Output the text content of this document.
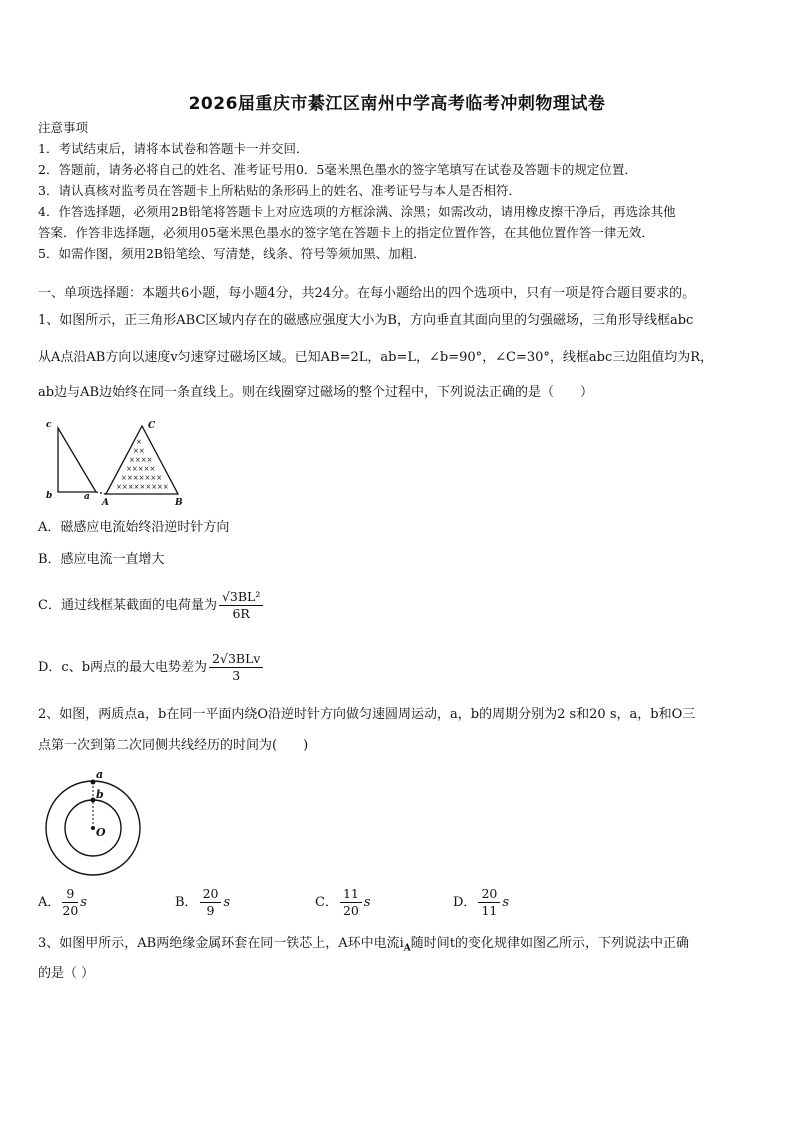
2026届重庆市綦江区南州中学高考临考冲刺物理试卷
注意事项
1．考试结束后，请将本试卷和答题卡一并交回．
2．答题前，请务必将自己的姓名、准考证号用0．5毫米黑色墨水的签字笔填写在试卷及答题卡的规定位置．
3．请认真核对监考员在答题卡上所粘贴的条形码上的姓名、准考证号与本人是否相符．
4．作答选择题，必须用2B铅笔将答题卡上对应选项的方框涂满、涂黑；如需改动，请用橡皮擦干净后，再选涂其他
答案．作答非选择题，必须用05毫米黑色墨水的签字笔在答题卡上的指定位置作答，在其他位置作答一律无效．
5．如需作图，须用2B铅笔绘、写清楚，线条、符号等须加黑、加粗．
一、单项选择题：本题共6小题，每小题4分，共24分。在每小题给出的四个选项中，只有一项是符合题目要求的。
1、如图所示，正三角形ABC区域内存在的磁感应强度大小为B，方向垂直其面向里的匀强磁场，三角形导线框abc
从A点沿AB方向以速度v匀速穿过磁场区域。已知AB=2L，ab=L，∠b=90°，∠C=30°，线框abc三边阻值均为R，
ab边与AB边始终在同一条直线上。则在线圈穿过磁场的整个过程中，下列说法正确的是（　　）
×
××
××××
×××××
×××××××
×××××××××
c
b	a
A	B
C
A．磁感应电流始终沿逆时针方向
B．感应电流一直增大
C．通过线框某截面的电荷量为 $\frac{\text{√3BL²}}{6R}$
D．c、b两点的最大电势差为 $\frac{\text{2√3BLv}}{3}$
2、如图，两质点a，b在同一平面内绕O沿逆时针方向做匀速圆周运动，a，b的周期分别为2 s和20 s，a，b和O三
点第一次到第二次同侧共线经历的时间为(　　)
a
b
O
A． $\frac{9}{20}$ s	B． $\frac{20}{9}$ s	C． $\frac{11}{20}$ s	D． $\frac{20}{11}$ s
3、如图甲所示，AB两绝缘金属环套在同一铁芯上，A环中电流$i_A$随时间t的变化规律如图乙所示，下列说法中正确
的是（ ）
